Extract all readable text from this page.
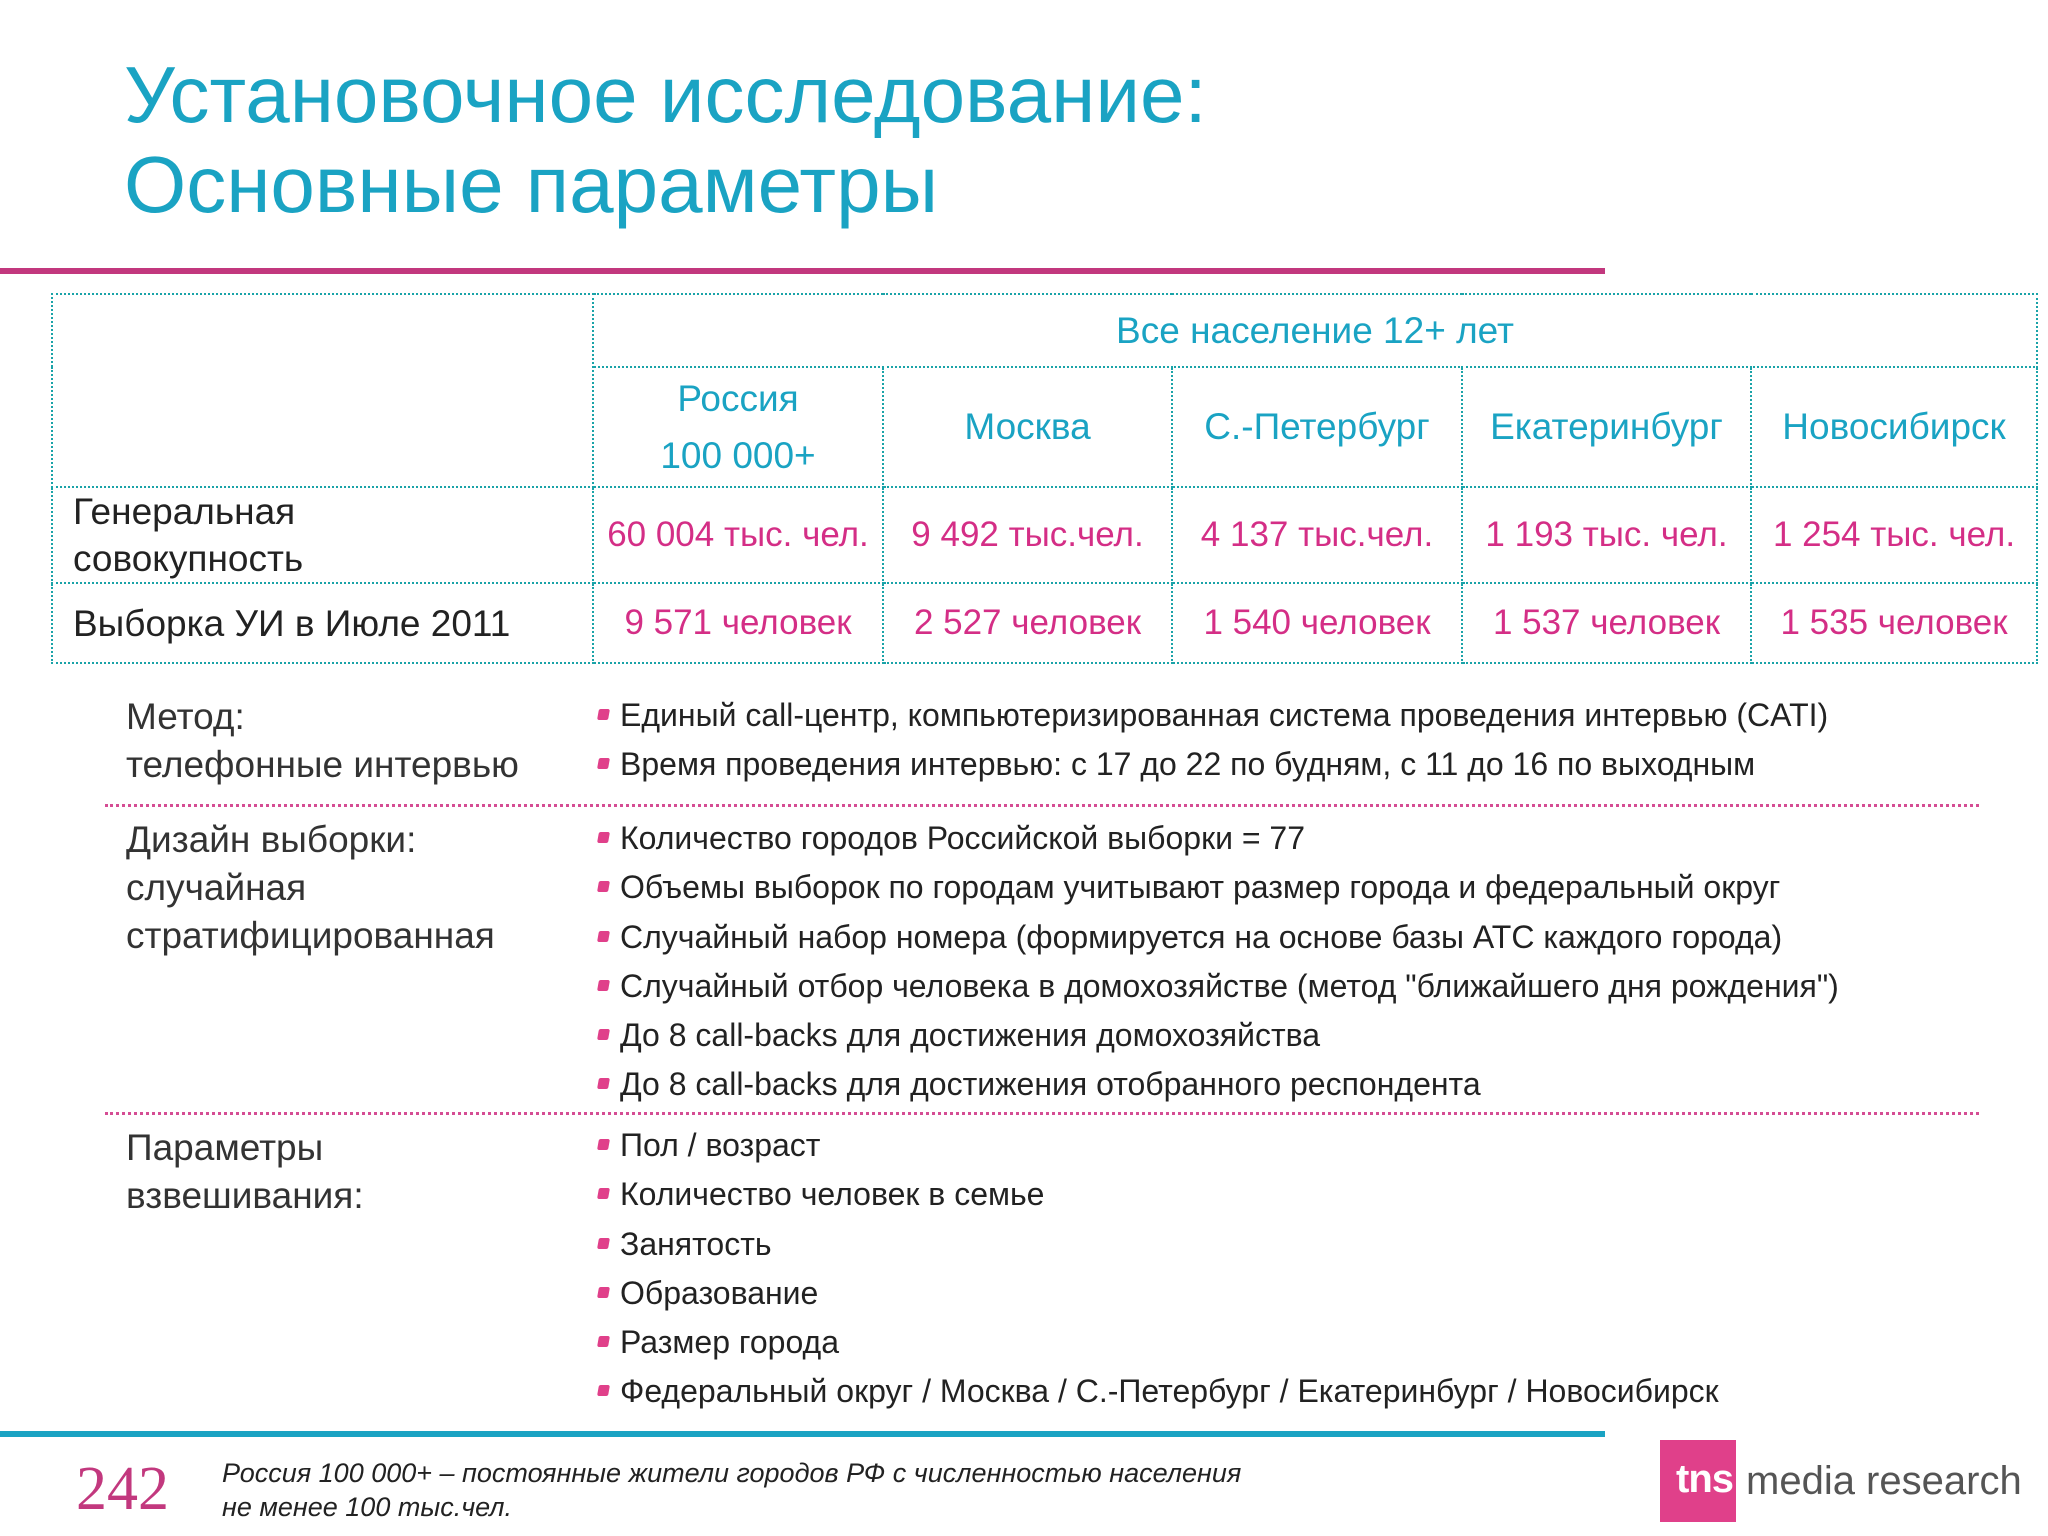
Установочное исследование:
Основные параметры
	Все население 12+ лет				

	Россия
100 000+	Москва	С.-Петербург	Екатеринбург	Новосибирск

Генеральная
совокупность	60 004 тыс. чел.	9 492 тыс.чел.	4 137 тыс.чел.	1 193 тыс. чел.	1 254 тыс. чел.
Выборка УИ в Июле 2011	9 571 человек	2 527 человек	1 540 человек	1 537 человек	1 535 человек
Метод:
телефонные интервью
Единый call-центр, компьютеризированная система проведения интервью (CATI)
Время проведения интервью: с 17 до 22 по будням, с 11 до 16 по выходным
Дизайн выборки:
случайная
стратифицированная
Количество городов Российской выборки = 77
Объемы выборок по городам учитывают размер города и федеральный округ
Случайный набор номера (формируется на основе базы АТС каждого города)
Случайный отбор человека в домохозяйстве (метод "ближайшего дня рождения")
До 8 call-backs для достижения домохозяйства
До 8 call-backs для достижения отобранного респондента
Параметры
взвешивания:
Пол / возраст
Количество человек в семье
Занятость
Образование
Размер города
Федеральный округ / Москва / С.-Петербург / Екатеринбург / Новосибирск
242 Россия 100 000+ – постоянные жители городов РФ с численностью населения
не менее 100 тыс.чел.
tns media research
